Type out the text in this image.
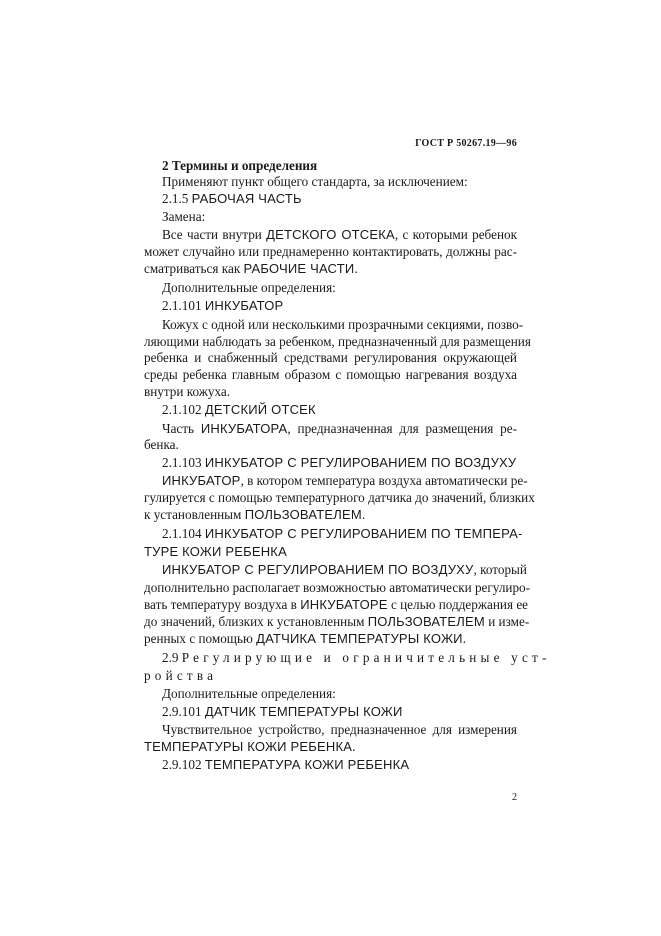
ГОСТ Р 50267.19—96
2 Термины и определения
Применяют пункт общего стандарта, за исключением:
2.1.5 РАБОЧАЯ ЧАСТЬ
Замена:
Все части внутри ДЕТСКОГО ОТСЕКА, с которыми ребенок
может случайно или преднамеренно контактировать, должны рас-
сматриваться как РАБОЧИЕ ЧАСТИ.
Дополнительные определения:
2.1.101 ИНКУБАТОР
Кожух с одной или несколькими прозрачными секциями, позво-
ляющими наблюдать за ребенком, предназначенный для размещения
ребенка и снабженный средствами регулирования окружающей
среды ребенка главным образом с помощью нагревания воздуха
внутри кожуха.
2.1.102 ДЕТСКИЙ ОТСЕК
Часть ИНКУБАТОРА, предназначенная для размещения ре-
бенка.
2.1.103 ИНКУБАТОР С РЕГУЛИРОВАНИЕМ ПО ВОЗДУХУ
ИНКУБАТОР, в котором температура воздуха автоматически ре-
гулируется с помощью температурного датчика до значений, близких
к установленным ПОЛЬЗОВАТЕЛЕМ.
2.1.104 ИНКУБАТОР С РЕГУЛИРОВАНИЕМ ПО ТЕМПЕРА-
ТУРЕ КОЖИ РЕБЕНКА
ИНКУБАТОР С РЕГУЛИРОВАНИЕМ ПО ВОЗДУХУ, который
дополнительно располагает возможностью автоматически регулиро-
вать температуру воздуха в ИНКУБАТОРЕ с целью поддержания ее
до значений, близких к установленным ПОЛЬЗОВАТЕЛЕМ и изме-
ренных с помощью ДАТЧИКА ТЕМПЕРАТУРЫ КОЖИ.
2.9 Регулирующие и ограничительные уст-
ройства
Дополнительные определения:
2.9.101 ДАТЧИК ТЕМПЕРАТУРЫ КОЖИ
Чувствительное устройство, предназначенное для измерения
ТЕМПЕРАТУРЫ КОЖИ РЕБЕНКА.
2.9.102 ТЕМПЕРАТУРА КОЖИ РЕБЕНКА
2
